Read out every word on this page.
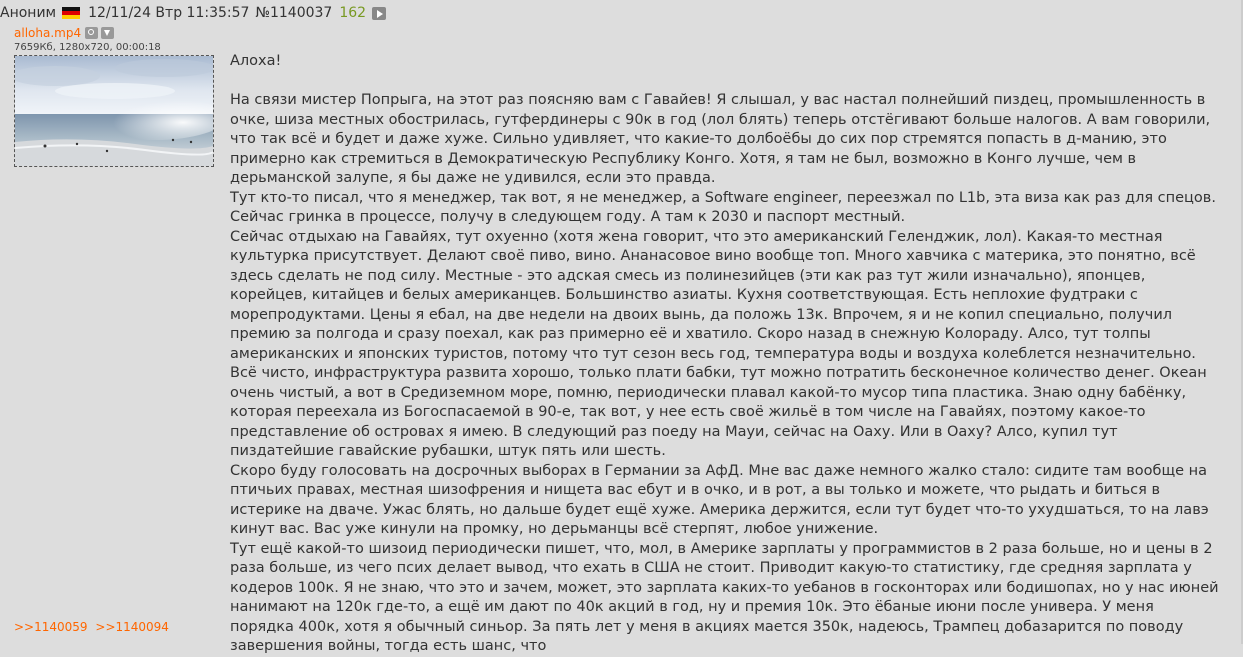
Аноним 12/11/24 Втр 11:35:57 №1140037 162
alloha.mp4
7659Кб, 1280x720, 00:00:18

Алоха!

На связи мистер Попрыга, на этот раз поясняю вам с Гавайев! Я слышал, у вас настал полнейший пиздец, промышленность в очке, шиза местных обострилась, гутфердинеры с 90к в год (лол блять) теперь отстёгивают больше налогов. А вам говорили, что так всё и будет и даже хуже. Сильно удивляет, что какие-то долбоёбы до сих пор стремятся попасть в д-манию, это примерно как стремиться в Демократическую Республику Конго. Хотя, я там не был, возможно в Конго лучше, чем в дерьманской залупе, я бы даже не удивился, если это правда.

Тут кто-то писал, что я менеджер, так вот, я не менеджер, а Software engineer, переезжал по L1b, эта виза как раз для спецов. Сейчас гринка в процессе, получу в следующем году. А там к 2030 и паспорт местный.

Сейчас отдыхаю на Гавайях, тут охуенно (хотя жена говорит, что это американский Геленджик, лол). Какая-то местная культурка присутствует. Делают своё пиво, вино. Ананасовое вино вообще топ. Много хавчика с материка, это понятно, всё здесь сделать не под силу. Местные - это адская смесь из полинезийцев (эти как раз тут жили изначально), японцев, корейцев, китайцев и белых американцев. Большинство азиаты. Кухня соответствующая. Есть неплохие фудтраки с морепродуктами. Цены я ебал, на две недели на двоих вынь, да положь 13к. Впрочем, я и не копил специально, получил премию за полгода и сразу поехал, как раз примерно её и хватило. Скоро назад в снежную Колораду. Алсо, тут толпы американских и японских туристов, потому что тут сезон весь год, температура воды и воздуха колеблется незначительно. Всё чисто, инфраструктура развита хорошо, только плати бабки, тут можно потратить бесконечное количество денег. Океан очень чистый, а вот в Средиземном море, помню, периодически плавал какой-то мусор типа пластика. Знаю одну бабёнку, которая переехала из Богоспасаемой в 90-е, так вот, у нее есть своё жильё в том числе на Гавайях, поэтому какое-то представление об островах я имею. В следующий раз поеду на Мауи, сейчас на Оаху. Или в Оаху? Алсо, купил тут пиздатейшие гавайские рубашки, штук пять или шесть.

Скоро буду голосовать на досрочных выборах в Германии за АфД. Мне вас даже немного жалко стало: сидите там вообще на птичьих правах, местная шизофрения и нищета вас ебут и в очко, и в рот, а вы только и можете, что рыдать и биться в истерике на дваче. Ужас блять, но дальше будет ещё хуже. Америка держится, если тут будет что-то ухудшаться, то на лавэ кинут вас. Вас уже кинули на промку, но дерьманцы всё стерпят, любое унижение.

Тут ещё какой-то шизоид периодически пишет, что, мол, в Америке зарплаты у программистов в 2 раза больше, но и цены в 2 раза больше, из чего псих делает вывод, что ехать в США не стоит. Приводит какую-то статистику, где средняя зарплата у кодеров 100к. Я не знаю, что это и зачем, может, это зарплата каких-то уебанов в госконторах или бодишопах, но у нас июней нанимают на 120к где-то, а ещё им дают по 40к акций в год, ну и премия 10к. Это ёбаные июни после универа. У меня порядка 400к, хотя я обычный синьор. За пять лет у меня в акциях мается 350к, надеюсь, Трампец добазарится по поводу завершения войны, тогда есть шанс, что

>>1140059 >>1140094
